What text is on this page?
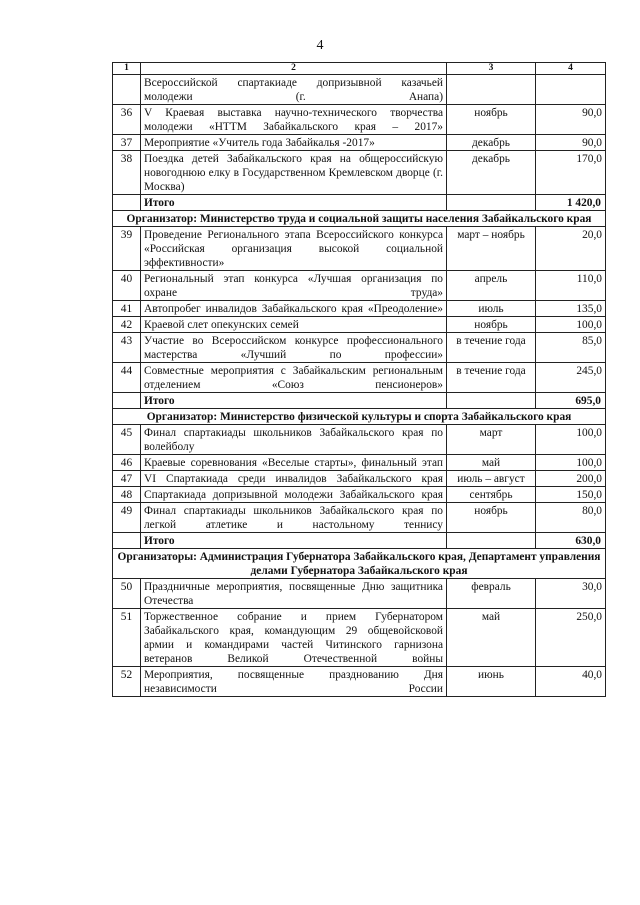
4
1	2	3	4
	Всероссийской спартакиаде допризывной казачьей молодежи (г. Анапа)		
36	V Краевая выставка научно-технического творчества молодежи «НТТМ Забайкальского края – 2017»	ноябрь	90,0
37	Мероприятие «Учитель года Забайкалья -2017»	декабрь	90,0
38	Поездка детей Забайкальского края на общероссийскую новогоднюю елку в Государственном Кремлевском дворце (г. Москва)	декабрь	170,0
	Итого		1 420,0
Организатор: Министерство труда и социальной защиты населения Забайкальского края			
39	Проведение Регионального этапа Всероссийского конкурса «Российская организация высокой социальной эффективности»	март – ноябрь	20,0
40	Региональный этап конкурса «Лучшая организация по охране труда»	апрель	110,0
41	Автопробег инвалидов Забайкальского края «Преодоление»	июль	135,0
42	Краевой слет опекунских семей	ноябрь	100,0
43	Участие во Всероссийском конкурсе профессионального мастерства «Лучший по профессии»	в течение года	85,0
44	Совместные мероприятия с Забайкальским региональным отделением «Союз пенсионеров»	в течение года	245,0
	Итого		695,0
Организатор: Министерство физической культуры и спорта Забайкальского края			
45	Финал спартакиады школьников Забайкальского края по волейболу	март	100,0
46	Краевые соревнования «Веселые старты», финальный этап	май	100,0
47	VI Спартакиада среди инвалидов Забайкальского края	июль – август	200,0
48	Спартакиада допризывной молодежи Забайкальского края	сентябрь	150,0
49	Финал спартакиады школьников Забайкальского края по легкой атлетике и настольному теннису	ноябрь	80,0
	Итого		630,0
Организаторы: Администрация Губернатора Забайкальского края, Департамент управления делами Губернатора Забайкальского края			
50	Праздничные мероприятия, посвященные Дню защитника Отечества	февраль	30,0
51	Торжественное собрание и прием Губернатором Забайкальского края, командующим 29 общевойсковой армии и командирами частей Читинского гарнизона ветеранов Великой Отечественной войны	май	250,0
52	Мероприятия, посвященные празднованию Дня независимости России	июнь	40,0
